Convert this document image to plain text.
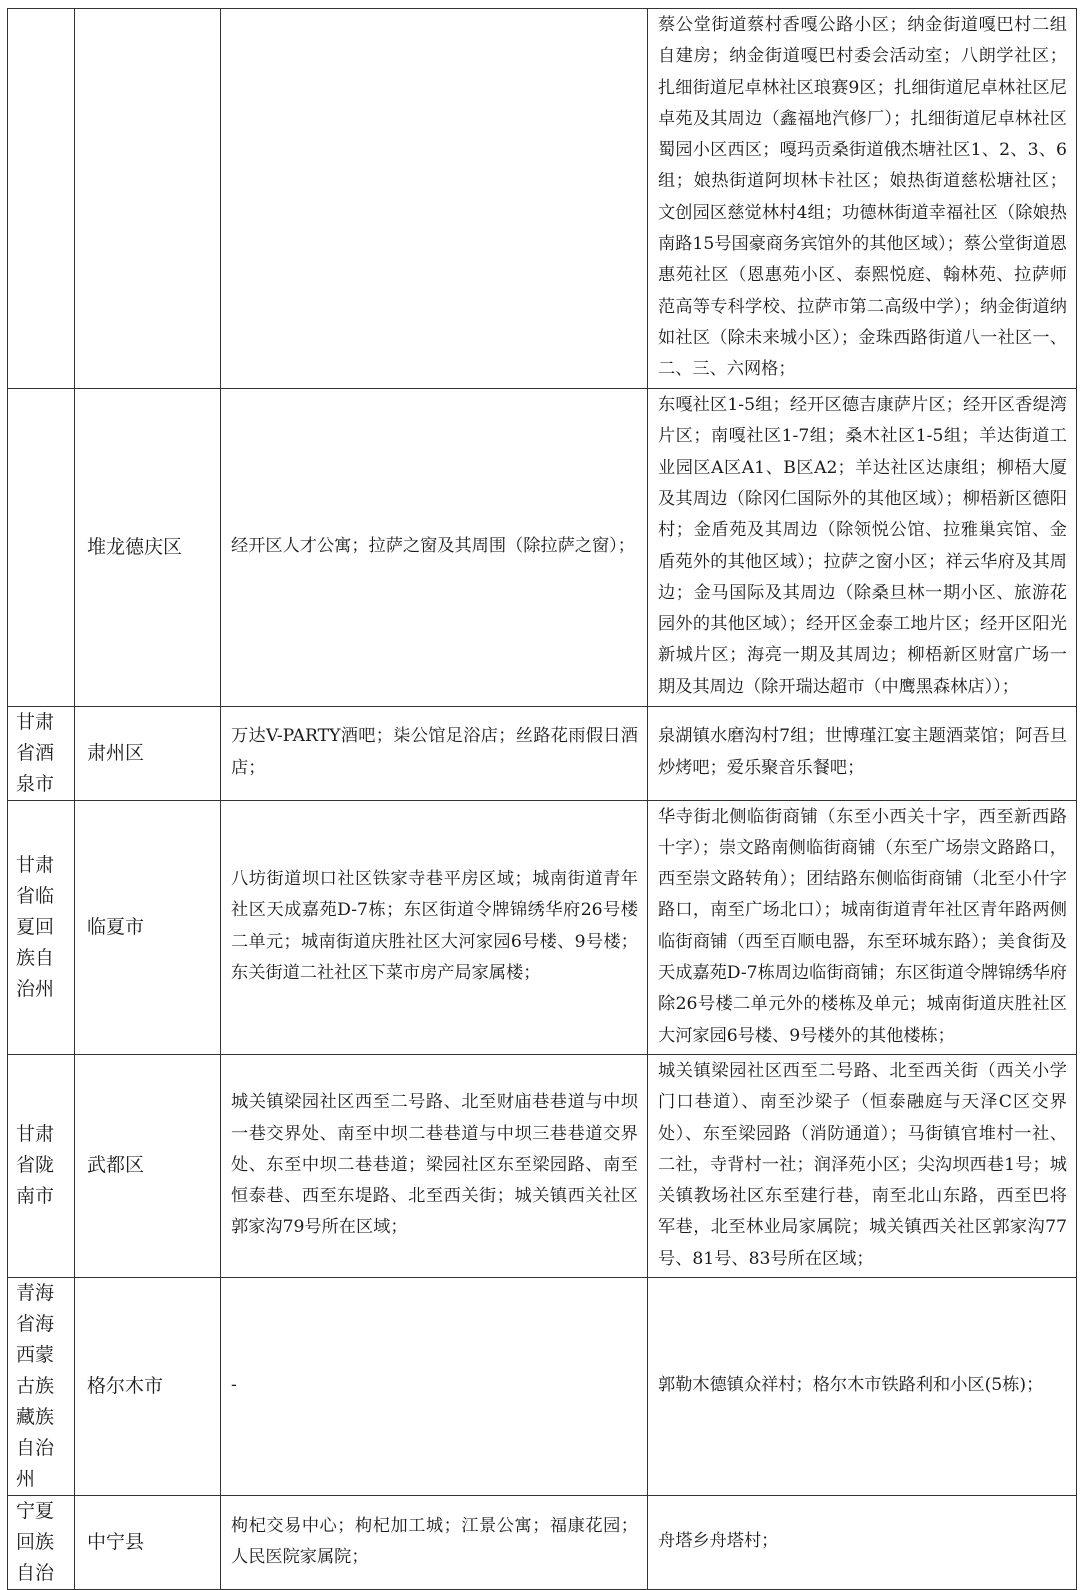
			蔡公堂街道蔡村香嘎公路小区；纳金街道嘎巴村二组自建房；纳金街道嘎巴村委会活动室；八朗学社区；扎细街道尼卓林社区琅赛9区；扎细街道尼卓林社区尼卓苑及其周边（鑫福地汽修厂）；扎细街道尼卓林社区蜀园小区西区；嘎玛贡桑街道俄杰塘社区1、2、3、6组；娘热街道阿坝林卡社区；娘热街道慈松塘社区；文创园区慈觉林村4组；功德林街道幸福社区（除娘热南路15号国豪商务宾馆外的其他区域）；蔡公堂街道恩惠苑社区（恩惠苑小区、泰熙悦庭、翰林苑、拉萨师范高等专科学校、拉萨市第二高级中学）；纳金街道纳如社区（除未来城小区）；金珠西路街道八一社区一、二、三、六网格；
	堆龙德庆区	经开区人才公寓；拉萨之窗及其周围（除拉萨之窗）；	东嘎社区1-5组；经开区德吉康萨片区；经开区香缇湾片区；南嘎社区1-7组；桑木社区1-5组；羊达街道工业园区A区A1、B区A2；羊达社区达康组；柳梧大厦及其周边（除冈仁国际外的其他区域）；柳梧新区德阳村；金盾苑及其周边（除领悦公馆、拉雅巢宾馆、金盾苑外的其他区域）；拉萨之窗小区；祥云华府及其周边；金马国际及其周边（除桑旦林一期小区、旅游花园外的其他区域）；经开区金泰工地片区；经开区阳光新城片区；海亮一期及其周边；柳梧新区财富广场一期及其周边（除开瑞达超市（中鹰黑森林店））；
甘肃省酒泉市	肃州区	万达V-PARTY酒吧；柒公馆足浴店；丝路花雨假日酒店；	泉湖镇水磨沟村7组；世博瑾江宴主题酒菜馆；阿吾旦炒烤吧；爱乐聚音乐餐吧；
甘肃省临夏回族自治州	临夏市	八坊街道坝口社区铁家寺巷平房区域；城南街道青年社区天成嘉苑D-7栋；东区街道令牌锦绣华府26号楼二单元；城南街道庆胜社区大河家园6号楼、9号楼；东关街道二社社区下菜市房产局家属楼；	华寺街北侧临街商铺（东至小西关十字，西至新西路十字）；崇文路南侧临街商铺（东至广场崇文路路口，西至崇文路转角）；团结路东侧临街商铺（北至小什字路口，南至广场北口）；城南街道青年社区青年路两侧临街商铺（西至百顺电器，东至环城东路）；美食街及天成嘉苑D-7栋周边临街商铺；东区街道令牌锦绣华府除26号楼二单元外的楼栋及单元；城南街道庆胜社区大河家园6号楼、9号楼外的其他楼栋；
甘肃省陇南市	武都区	城关镇梁园社区西至二号路、北至财庙巷巷道与中坝一巷交界处、南至中坝二巷巷道与中坝三巷巷道交界处、东至中坝二巷巷道；梁园社区东至梁园路、南至恒泰巷、西至东堤路、北至西关街；城关镇西关社区郭家沟79号所在区域；	城关镇梁园社区西至二号路、北至西关街（西关小学门口巷道）、南至沙梁子（恒泰融庭与天泽C区交界处）、东至梁园路（消防通道）；马街镇官堆村一社、二社，寺背村一社；润泽苑小区；尖沟坝西巷1号；城关镇教场社区东至建行巷，南至北山东路，西至巴将军巷，北至林业局家属院；城关镇西关社区郭家沟77号、81号、83号所在区域；
青海省海西蒙古族藏族自治州	格尔木市	-	郭勒木德镇众祥村；格尔木市铁路利和小区(5栋)；
宁夏回族自治	中宁县	枸杞交易中心；枸杞加工城；江景公寓；福康花园；人民医院家属院；	舟塔乡舟塔村；
